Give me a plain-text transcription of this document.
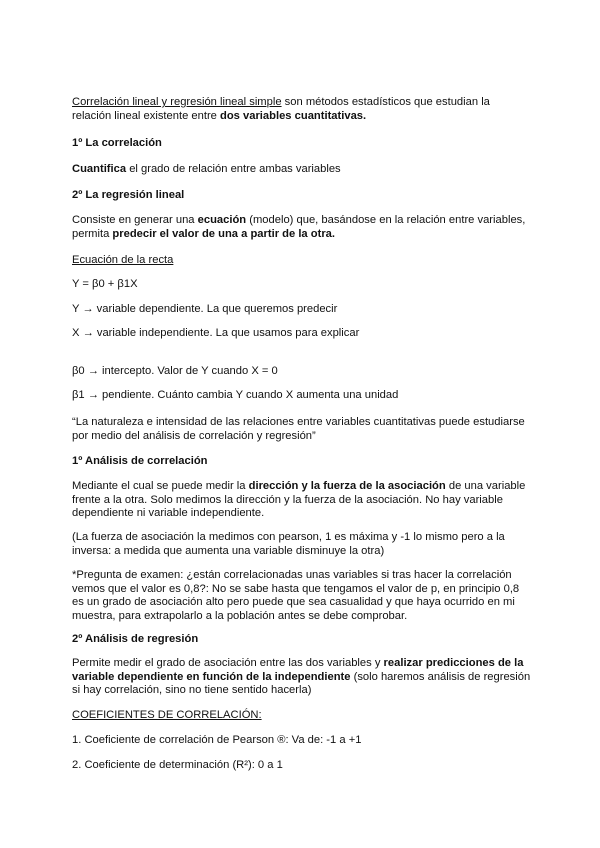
Correlación lineal y regresión lineal simple son métodos estadísticos que estudian la relación lineal existente entre dos variables cuantitativas.

1º La correlación

Cuantifica el grado de relación entre ambas variables

2º La regresión lineal

Consiste en generar una ecuación (modelo) que, basándose en la relación entre variables, permita predecir el valor de una a partir de la otra.

Ecuación de la recta

Y = β0 + β1X

Y → variable dependiente. La que queremos predecir

X → variable independiente. La que usamos para explicar

β0 → intercepto. Valor de Y cuando X = 0

β1 → pendiente. Cuánto cambia Y cuando X aumenta una unidad

“La naturaleza e intensidad de las relaciones entre variables cuantitativas puede estudiarse por medio del análisis de correlación y regresión”

1º Análisis de correlación

Mediante el cual se puede medir la dirección y la fuerza de la asociación de una variable frente a la otra. Solo medimos la dirección y la fuerza de la asociación. No hay variable dependiente ni variable independiente.

(La fuerza de asociación la medimos con pearson, 1 es máxima y -1 lo mismo pero a la inversa: a medida que aumenta una variable disminuye la otra)

*Pregunta de examen: ¿están correlacionadas unas variables si tras hacer la correlación vemos que el valor es 0,8?: No se sabe hasta que tengamos el valor de p, en principio 0,8 es un grado de asociación alto pero puede que sea casualidad y que haya ocurrido en mi muestra, para extrapolarlo a la población antes se debe comprobar.

2º Análisis de regresión

Permite medir el grado de asociación entre las dos variables y realizar predicciones de la variable dependiente en función de la independiente (solo haremos análisis de regresión si hay correlación, sino no tiene sentido hacerla)

COEFICIENTES DE CORRELACIÓN:

1. Coeficiente de correlación de Pearson ®: Va de: -1 a +1

2. Coeficiente de determinación (R²): 0 a 1
